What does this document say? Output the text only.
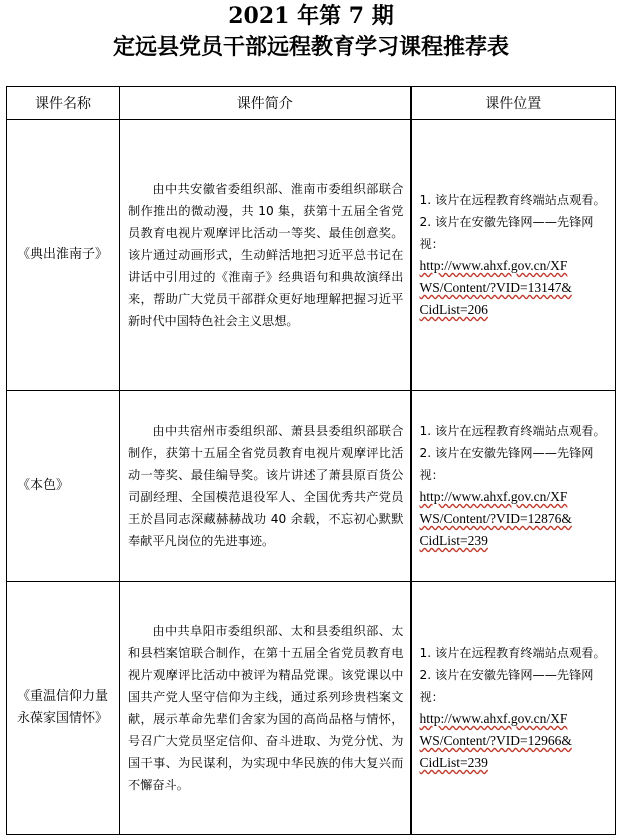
2021 年第 7 期
定远县党员干部远程教育学习课程推荐表
课件名称	课件简介	课件位置
《典出淮南子》	由中共安徽省委组织部、淮南市委组织部联合制作推出的微动漫，共 10 集，获第十五届全省党员教育电视片观摩评比活动一等奖、最佳创意奖。该片通过动画形式，生动鲜活地把习近平总书记在讲话中引用过的《淮南子》经典语句和典故演绎出来，帮助广大党员干部群众更好地理解把握习近平新时代中国特色社会主义思想。	1. 该片在远程教育终端站点观看。
2. 该片在安徽先锋网——先锋网视：
http://www.ahxf.gov.cn/XF
WS/Content/?VID=13147&
CidList=206

《本色》	由中共宿州市委组织部、萧县县委组织部联合制作，获第十五届全省党员教育电视片观摩评比活动一等奖、最佳编导奖。该片讲述了萧县原百货公司副经理、全国模范退役军人、全国优秀共产党员王於昌同志深藏赫赫战功 40 余载，不忘初心默默奉献平凡岗位的先进事迹。	1. 该片在远程教育终端站点观看。
2. 该片在安徽先锋网——先锋网视：
http://www.ahxf.gov.cn/XF
WS/Content/?VID=12876&
CidList=239

《重温信仰力量 永葆家国情怀》	由中共阜阳市委组织部、太和县委组织部、太和县档案馆联合制作，在第十五届全省党员教育电视片观摩评比活动中被评为精品党课。该党课以中国共产党人坚守信仰为主线，通过系列珍贵档案文献，展示革命先辈们舍家为国的高尚品格与情怀，号召广大党员坚定信仰、奋斗进取、为党分忧、为国干事、为民谋利，为实现中华民族的伟大复兴而不懈奋斗。	1. 该片在远程教育终端站点观看。
2. 该片在安徽先锋网——先锋网视：
http://www.ahxf.gov.cn/XF
WS/Content/?VID=12966&
CidList=239
